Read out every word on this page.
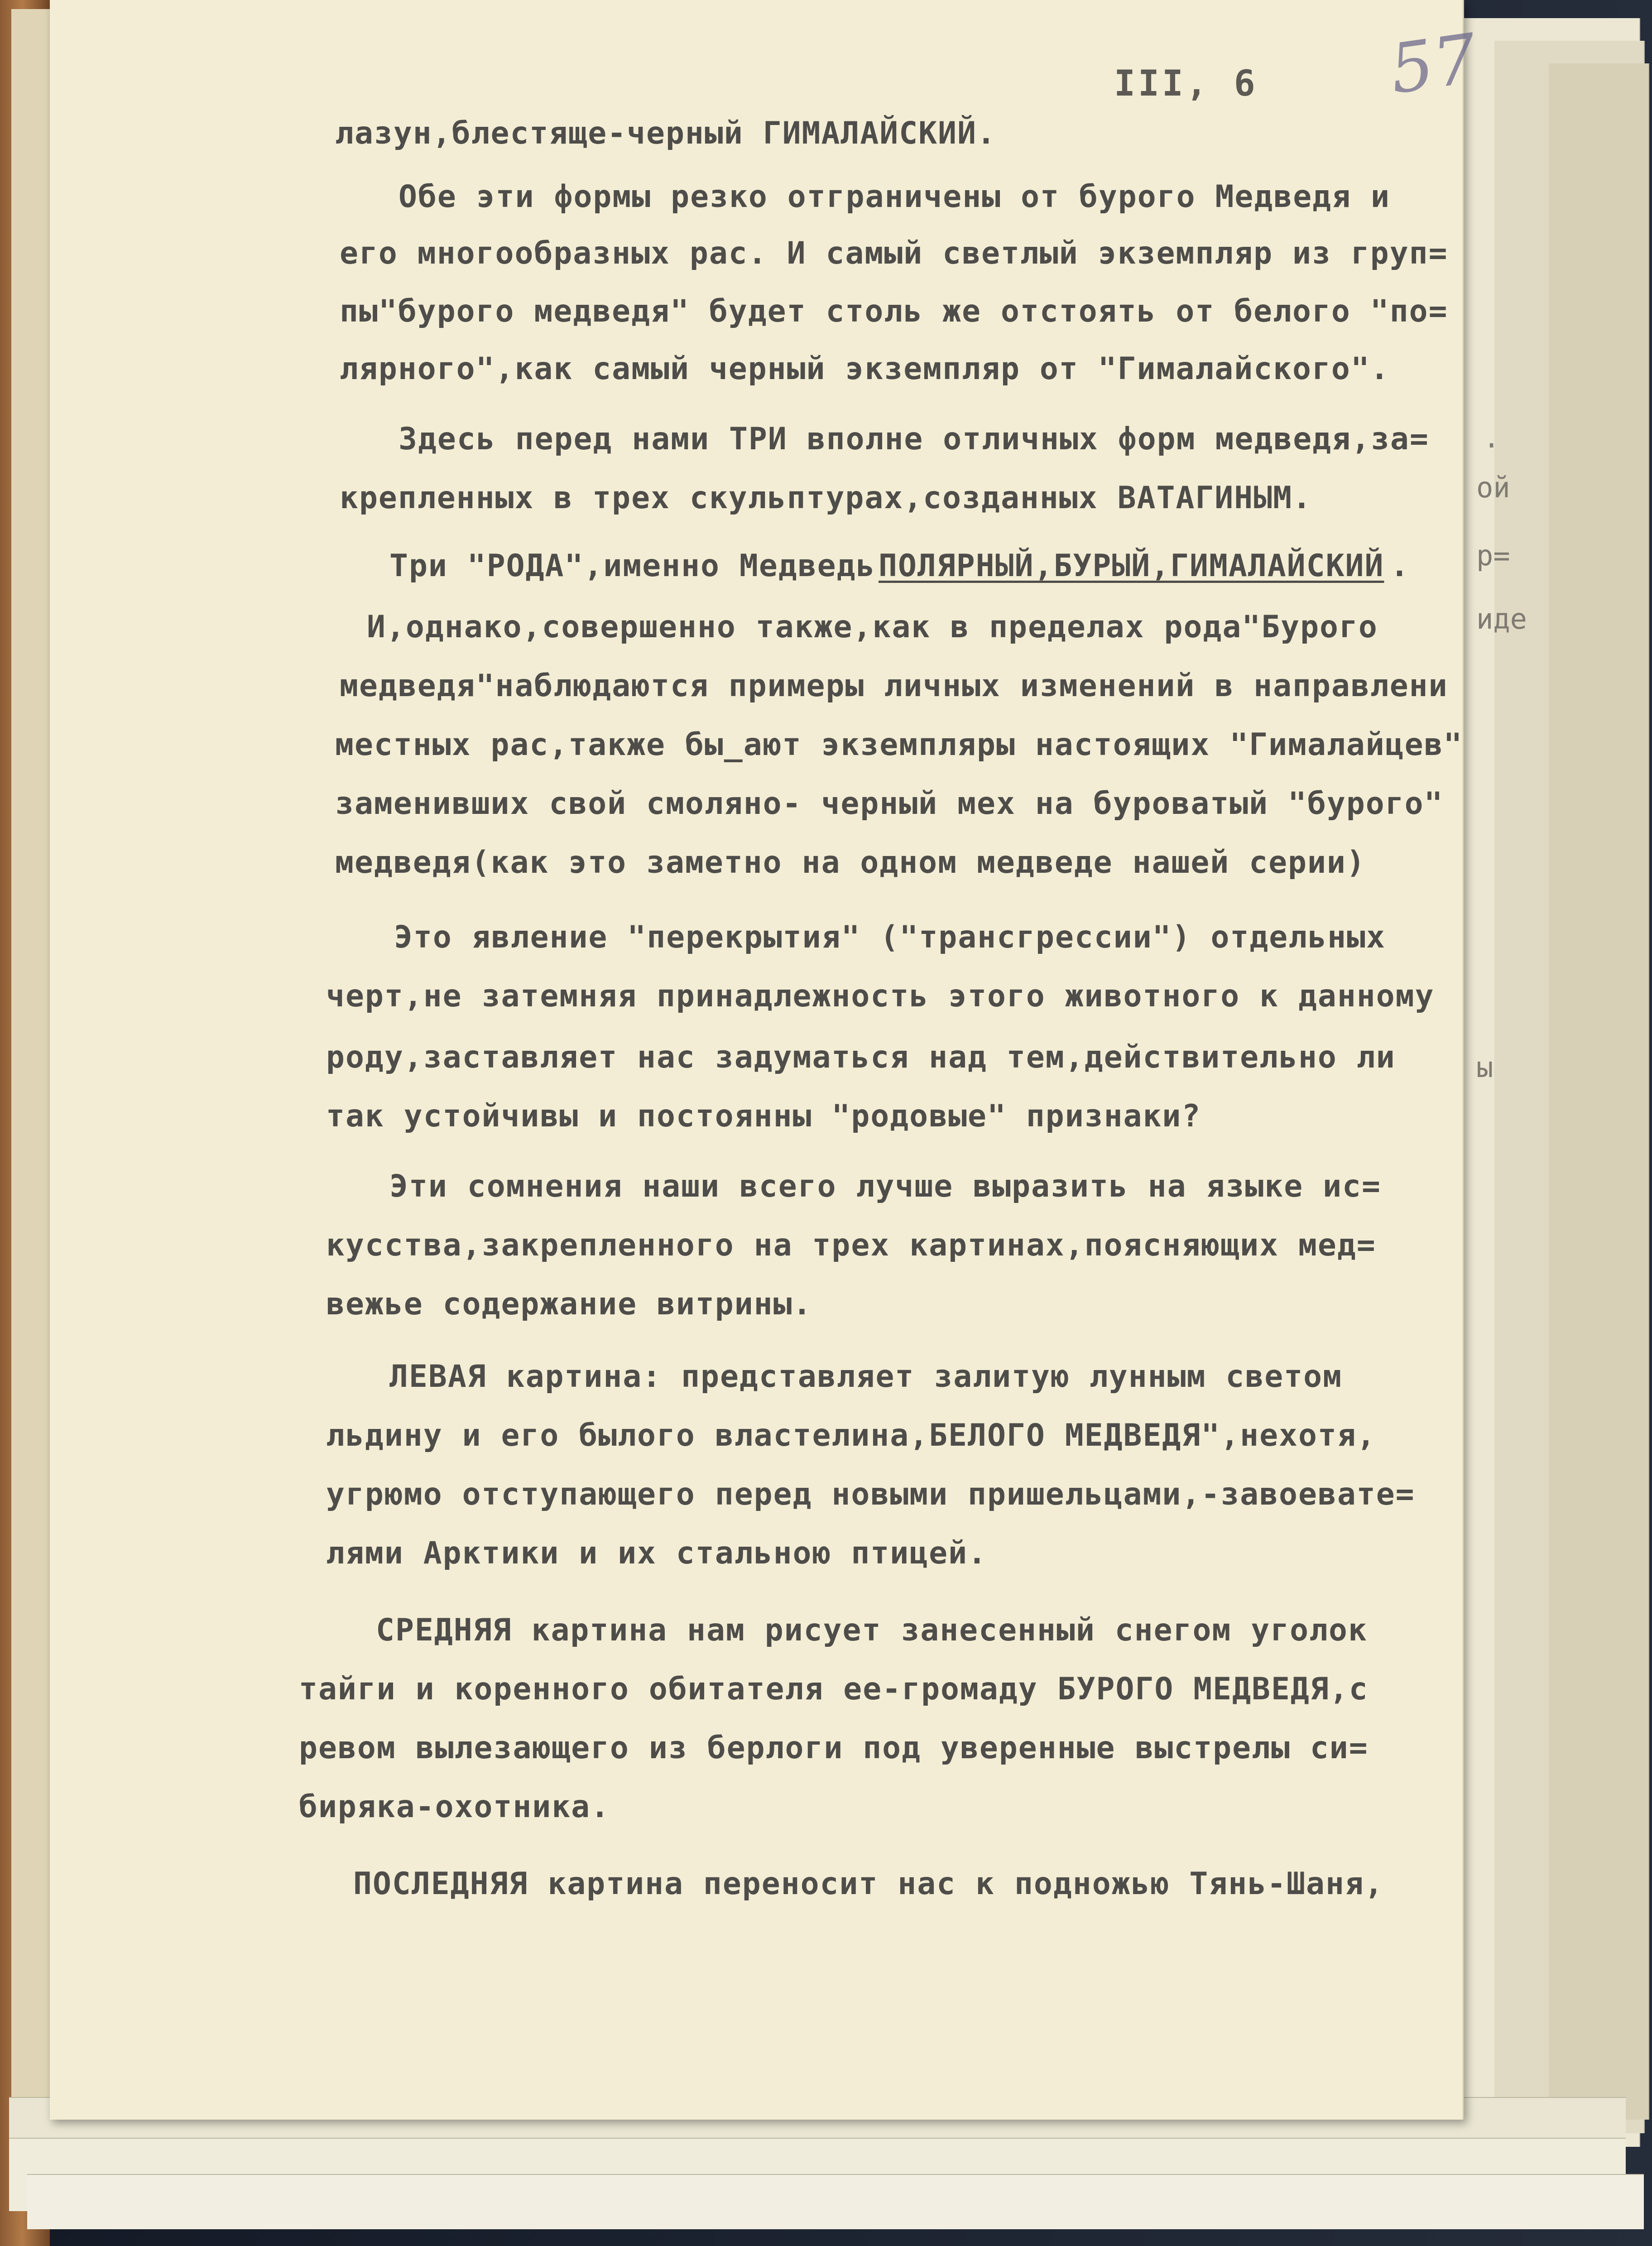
.
ой
р=
иде
ы
III, 6 57
лазун,блестяще-черный ГИМАЛАЙСКИЙ.
Обе эти формы резко отграничены от бурого Медведя и
его многообразных рас. И самый светлый экземпляр из груп=
пы"бурого медведя" будет столь же отстоять от белого "по=
лярного",как самый черный экземпляр от "Гималайского".
Здесь перед нами ТРИ вполне отличных форм медведя,за=
крепленных в трех скульптурах,созданных ВАТАГИНЫМ.
Три "РОДА",именно Медведь ПОЛЯРНЫЙ,БУРЫЙ,ГИМАЛАЙСКИЙ .
И,однако,совершенно также,как в пределах рода"Бурого
медведя"наблюдаются примеры личных изменений в направлени
местных рас,также бы_ают экземпляры настоящих "Гималайцев"
заменивших свой смоляно- черный мех на буроватый "бурого"
медведя(как это заметно на одном медведе нашей серии)
Это явление "перекрытия" ("трансгрессии") отдельных
черт,не затемняя принадлежность этого животного к данному
роду,заставляет нас задуматься над тем,действительно ли
так устойчивы и постоянны "родовые" признаки?
Эти сомнения наши всего лучше выразить на языке ис=
кусства,закрепленного на трех картинах,поясняющих мед=
вежье содержание витрины.
ЛЕВАЯ картина: представляет залитую лунным светом
льдину и его былого властелина,БЕЛОГО МЕДВЕДЯ",нехотя,
угрюмо отступающего перед новыми пришельцами,-завоевате=
лями Арктики и их стальною птицей.
СРЕДНЯЯ картина нам рисует занесенный снегом уголок
тайги и коренного обитателя ее-громаду БУРОГО МЕДВЕДЯ,с
ревом вылезающего из берлоги под уверенные выстрелы си=
биряка-охотника.
ПОСЛЕДНЯЯ картина переносит нас к подножью Тянь-Шаня,
